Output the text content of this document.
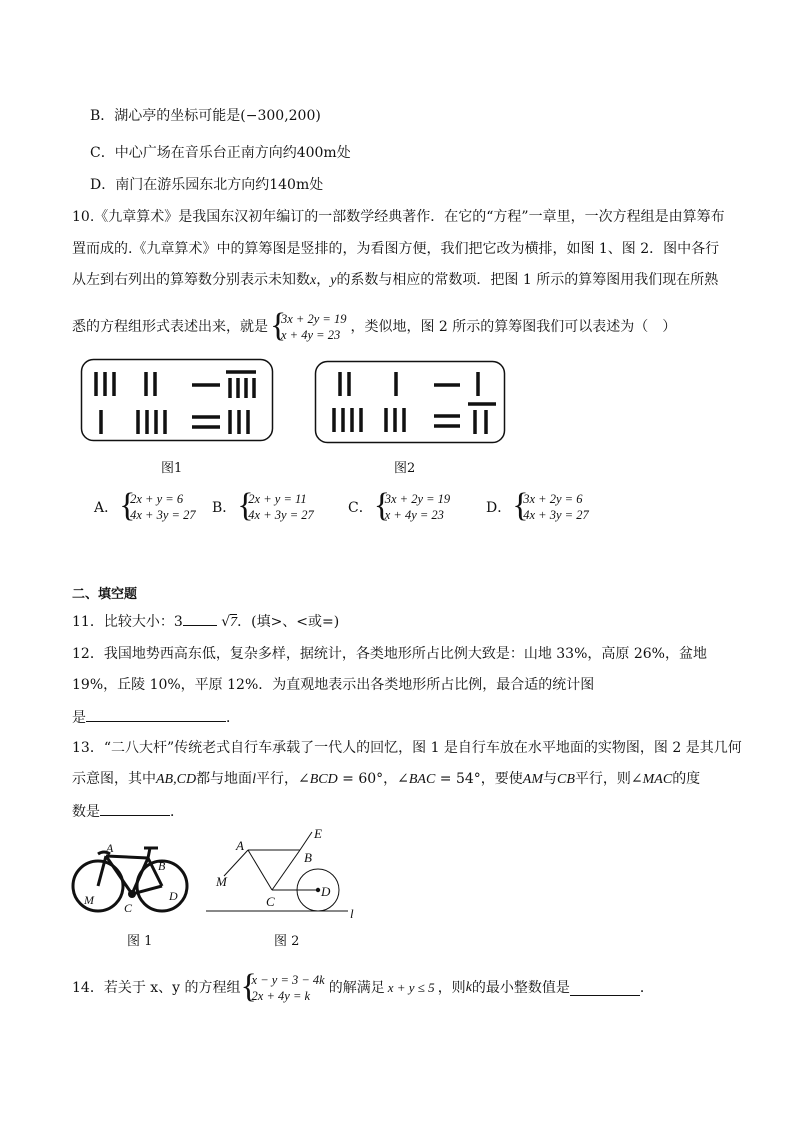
B．湖心亭的坐标可能是(−300,200)
C．中心广场在音乐台正南方向约400m处
D．南门在游乐园东北方向约140m处
10.《九章算术》是我国东汉初年编订的一部数学经典著作．在它的“方程”一章里，一次方程组是由算筹布
置而成的.《九章算术》中的算筹图是竖排的，为看图方便，我们把它改为横排，如图 1、图 2．图中各行
从左到右列出的算筹数分别表示未知数x，y的系数与相应的常数项．把图 1 所示的算筹图用我们现在所熟
悉的方程组形式表述出来，就是 { 3x + 2y = 19
x + 4y = 23 ，类似地，图 2 所示的算筹图我们可以表述为（　）
图1	图2
A．
{ 2x + y = 6
4x + 3y = 27 B．
{ 2x + y = 11
4x + 3y = 27 C．
{ 3x + 2y = 19
x + 4y = 23	D．
{ 3x + 2y = 6
4x + 3y = 27
二、填空题
11．比较大小：3	√7．(填>、<或=)
12．我国地势西高东低，复杂多样，据统计，各类地形所占比例大致是：山地 33%，高原 26%，盆地
19%，丘陵 10%，平原 12%．为直观地表示出各类地形所占比例，最合适的统计图
是	．
13．“二八大杆”传统老式自行车承载了一代人的回忆，图 1 是自行车放在水平地面的实物图，图 2 是其几何
示意图，其中AB,CD都与地面l平行，∠BCD = 60°，∠BAC = 54°，要使AM与CB平行，则∠MAC的度
数是	．
A
B
C
D
M
图 1
A
B
C
D
E
M
l
图 2
14．若关于 x、y 的方程组 { x − y = 3 − 4k
2x + 4y = k	的解满足 x + y ≤ 5 ，则 k 的最小整数值是	．
